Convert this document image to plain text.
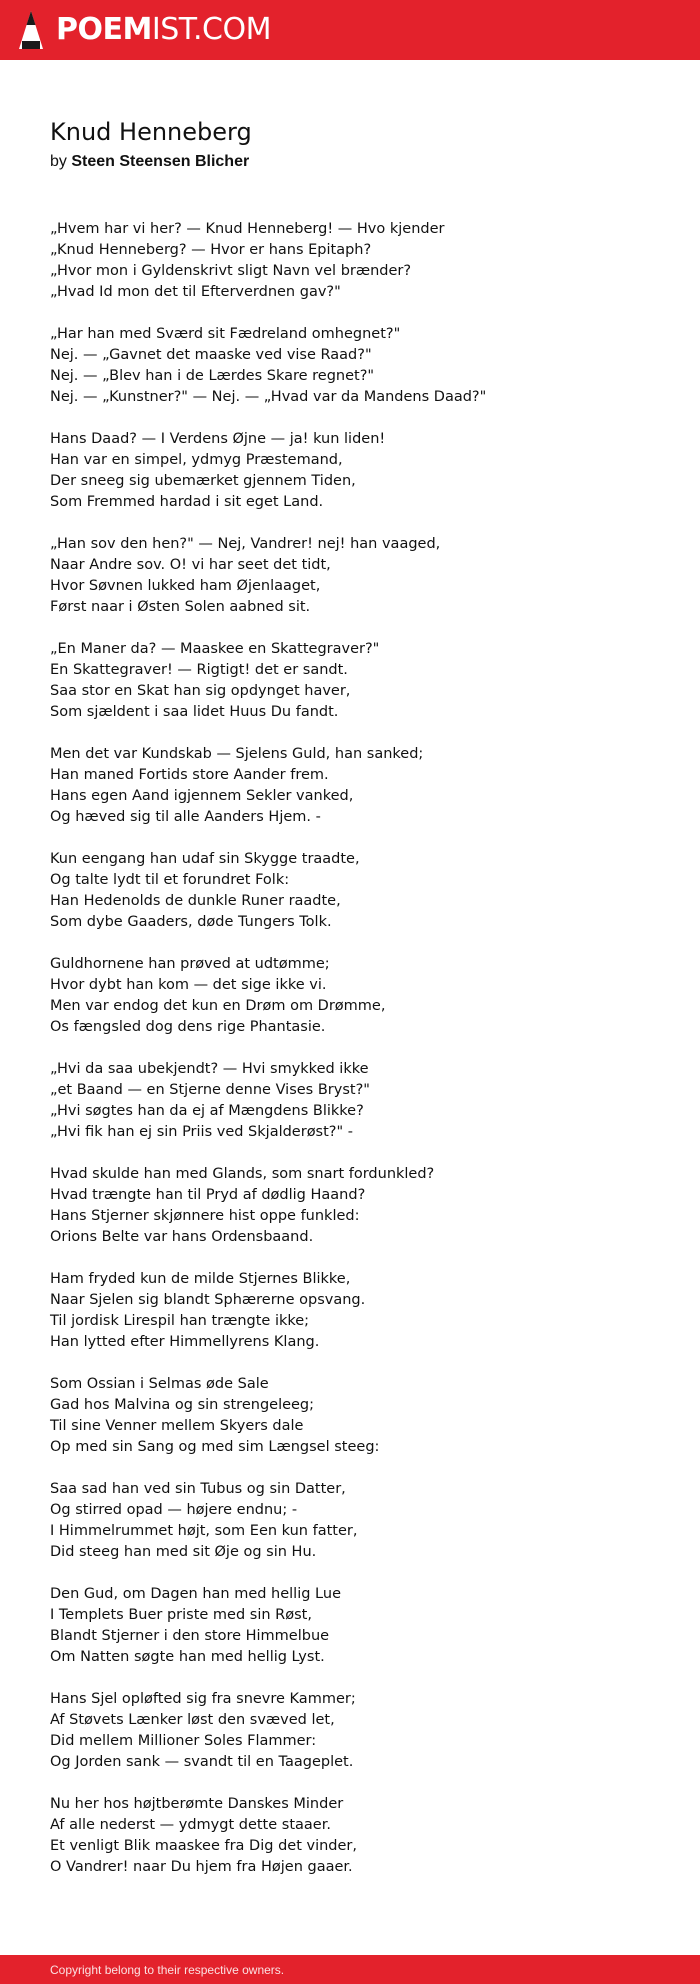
POEMIST.COM
Knud Henneberg
by Steen Steensen Blicher
„Hvem har vi her? — Knud Henneberg! — Hvo kjender
„Knud Henneberg? — Hvor er hans Epitaph?
„Hvor mon i Gyldenskrivt sligt Navn vel brænder?
„Hvad Id mon det til Efterverdnen gav?"
„Har han med Sværd sit Fædreland omhegnet?"
Nej. — „Gavnet det maaske ved vise Raad?"
Nej. — „Blev han i de Lærdes Skare regnet?"
Nej. — „Kunstner?" — Nej. — „Hvad var da Mandens Daad?"
Hans Daad? — I Verdens Øjne — ja! kun liden!
Han var en simpel, ydmyg Præstemand,
Der sneeg sig ubemærket gjennem Tiden,
Som Fremmed hardad i sit eget Land.
„Han sov den hen?" — Nej, Vandrer! nej! han vaaged,
Naar Andre sov. O! vi har seet det tidt,
Hvor Søvnen lukked ham Øjenlaaget,
Først naar i Østen Solen aabned sit.
„En Maner da? — Maaskee en Skattegraver?"
En Skattegraver! — Rigtigt! det er sandt.
Saa stor en Skat han sig opdynget haver,
Som sjældent i saa lidet Huus Du fandt.
Men det var Kundskab — Sjelens Guld, han sanked;
Han maned Fortids store Aander frem.
Hans egen Aand igjennem Sekler vanked,
Og hæved sig til alle Aanders Hjem. -
Kun eengang han udaf sin Skygge traadte,
Og talte lydt til et forundret Folk:
Han Hedenolds de dunkle Runer raadte,
Som dybe Gaaders, døde Tungers Tolk.
Guldhornene han prøved at udtømme;
Hvor dybt han kom — det sige ikke vi.
Men var endog det kun en Drøm om Drømme,
Os fængsled dog dens rige Phantasie.
„Hvi da saa ubekjendt? — Hvi smykked ikke
„et Baand — en Stjerne denne Vises Bryst?"
„Hvi søgtes han da ej af Mængdens Blikke?
„Hvi fik han ej sin Priis ved Skjalderøst?" -
Hvad skulde han med Glands, som snart fordunkled?
Hvad trængte han til Pryd af dødlig Haand?
Hans Stjerner skjønnere hist oppe funkled:
Orions Belte var hans Ordensbaand.
Ham fryded kun de milde Stjernes Blikke,
Naar Sjelen sig blandt Sphærerne opsvang.
Til jordisk Lirespil han trængte ikke;
Han lytted efter Himmellyrens Klang.
Som Ossian i Selmas øde Sale
Gad hos Malvina og sin strengeleeg;
Til sine Venner mellem Skyers dale
Op med sin Sang og med sim Længsel steeg:
Saa sad han ved sin Tubus og sin Datter,
Og stirred opad — højere endnu; -
I Himmelrummet højt, som Een kun fatter,
Did steeg han med sit Øje og sin Hu.
Den Gud, om Dagen han med hellig Lue
I Templets Buer priste med sin Røst,
Blandt Stjerner i den store Himmelbue
Om Natten søgte han med hellig Lyst.
Hans Sjel opløfted sig fra snevre Kammer;
Af Støvets Lænker løst den svæved let,
Did mellem Millioner Soles Flammer:
Og Jorden sank — svandt til en Taageplet.
Nu her hos højtberømte Danskes Minder
Af alle nederst — ydmygt dette staaer.
Et venligt Blik maaskee fra Dig det vinder,
O Vandrer! naar Du hjem fra Højen gaaer.
Copyright belong to their respective owners.
